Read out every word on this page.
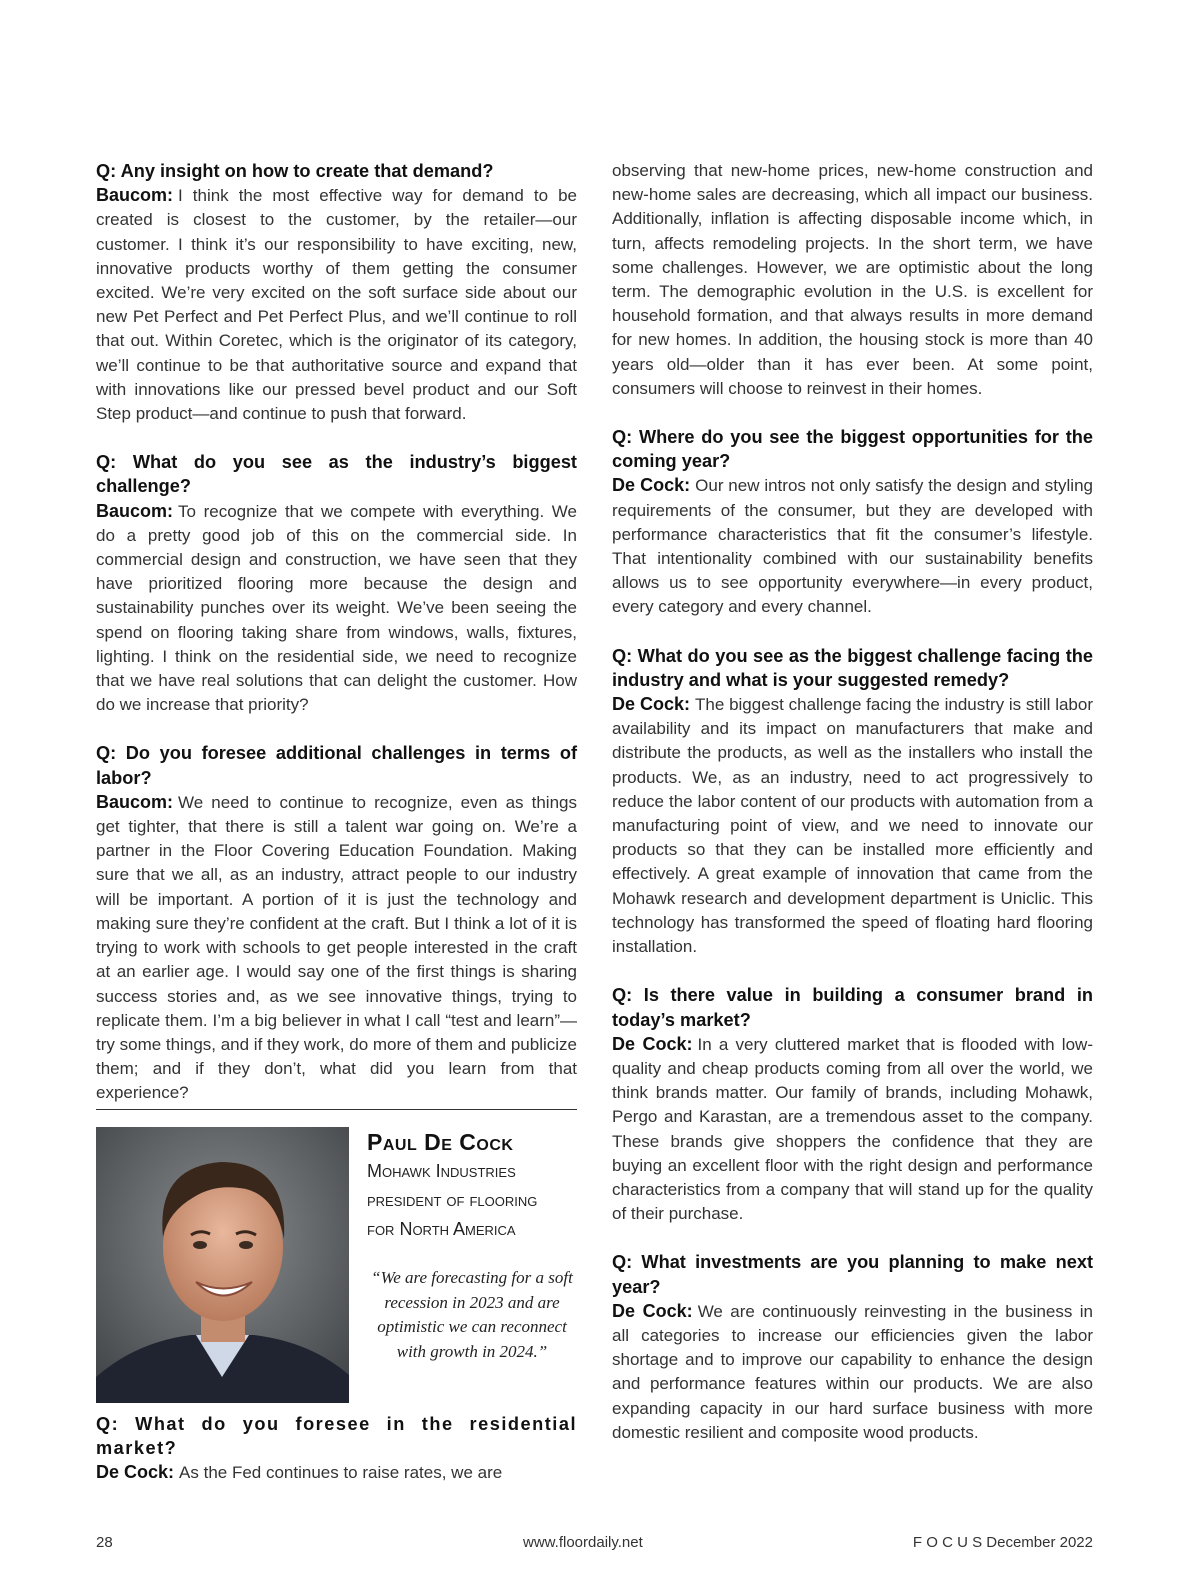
Q: Any insight on how to create that demand?
Baucom: I think the most effective way for demand to be created is closest to the customer, by the retailer—our customer. I think it’s our responsibility to have exciting, new, innovative products worthy of them getting the consumer excited. We’re very excited on the soft surface side about our new Pet Perfect and Pet Perfect Plus, and we’ll continue to roll that out. Within Coretec, which is the originator of its category, we’ll continue to be that authoritative source and expand that with innovations like our pressed bevel product and our Soft Step product—and continue to push that forward.
Q: What do you see as the industry’s biggest challenge?
Baucom: To recognize that we compete with everything. We do a pretty good job of this on the commercial side. In commercial design and construction, we have seen that they have prioritized flooring more because the design and sustainability punches over its weight. We’ve been seeing the spend on flooring taking share from windows, walls, fixtures, lighting. I think on the residential side, we need to recognize that we have real solutions that can delight the customer. How do we increase that priority?
Q: Do you foresee additional challenges in terms of labor?
Baucom: We need to continue to recognize, even as things get tighter, that there is still a talent war going on. We’re a partner in the Floor Covering Education Foundation. Making sure that we all, as an industry, attract people to our industry will be important. A portion of it is just the technology and making sure they’re confident at the craft. But I think a lot of it is trying to work with schools to get people interested in the craft at an earlier age. I would say one of the first things is sharing success stories and, as we see innovative things, trying to replicate them. I’m a big believer in what I call “test and learn”—try some things, and if they work, do more of them and publicize them; and if they don’t, what did you learn from that experience?
Paul De Cock
Mohawk Industries
president of flooring
for North America
“We are forecasting for a soft recession in 2023 and are optimistic we can reconnect with growth in 2024.”
Q: What do you foresee in the residential market?
De Cock: As the Fed continues to raise rates, we are
observing that new-home prices, new-home construction and new-home sales are decreasing, which all impact our business. Additionally, inflation is affecting disposable income which, in turn, affects remodeling projects. In the short term, we have some challenges. However, we are optimistic about the long term. The demographic evolution in the U.S. is excellent for household formation, and that always results in more demand for new homes. In addition, the housing stock is more than 40 years old—older than it has ever been. At some point, consumers will choose to reinvest in their homes.
Q: Where do you see the biggest opportunities for the coming year?
De Cock: Our new intros not only satisfy the design and styling requirements of the consumer, but they are developed with performance characteristics that fit the consumer’s lifestyle. That intentionality combined with our sustainability benefits allows us to see opportunity everywhere—in every product, every category and every channel.
Q: What do you see as the biggest challenge facing the industry and what is your suggested remedy?
De Cock: The biggest challenge facing the industry is still labor availability and its impact on manufacturers that make and distribute the products, as well as the installers who install the products. We, as an industry, need to act progressively to reduce the labor content of our products with automation from a manufacturing point of view, and we need to innovate our products so that they can be installed more efficiently and effectively. A great example of innovation that came from the Mohawk research and development department is Uniclic. This technology has transformed the speed of floating hard flooring installation.
Q: Is there value in building a consumer brand in today’s market?
De Cock: In a very cluttered market that is flooded with low-quality and cheap products coming from all over the world, we think brands matter. Our family of brands, including Mohawk, Pergo and Karastan, are a tremendous asset to the company. These brands give shoppers the confidence that they are buying an excellent floor with the right design and performance characteristics from a company that will stand up for the quality of their purchase.
Q: What investments are you planning to make next year?
De Cock: We are continuously reinvesting in the business in all categories to increase our efficiencies given the labor shortage and to improve our capability to enhance the design and performance features within our products. We are also expanding capacity in our hard surface business with more domestic resilient and composite wood products.
28	www.floordaily.net	F O C U S December 2022
